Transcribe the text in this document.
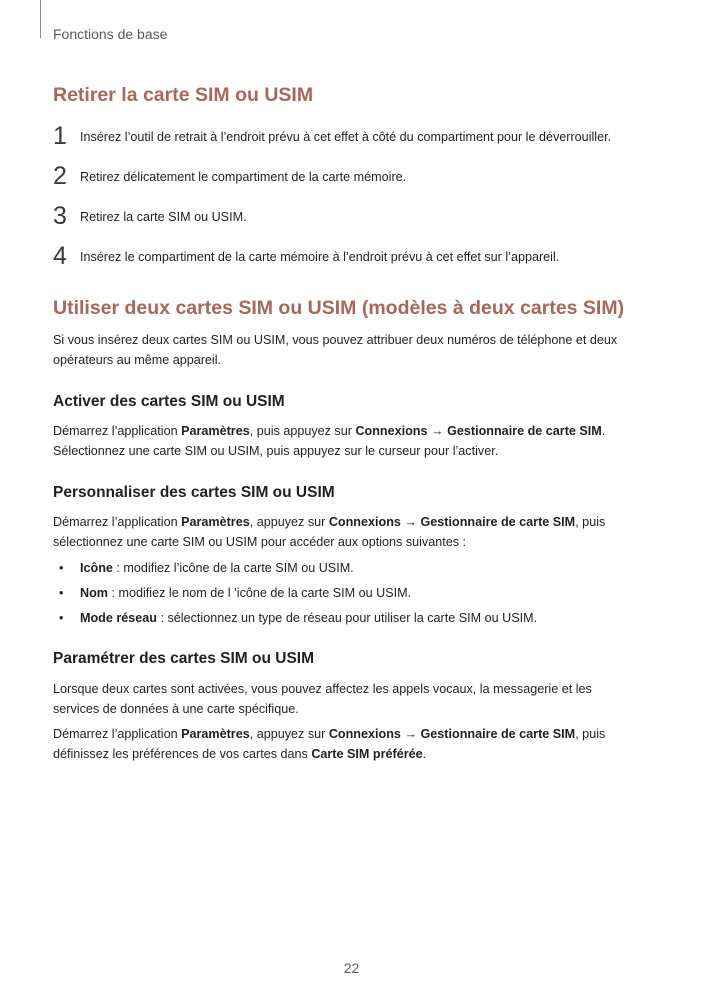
Fonctions de base
Retirer la carte SIM ou USIM
1 Insérez l’outil de retrait à l’endroit prévu à cet effet à côté du compartiment pour le déverrouiller.
2 Retirez délicatement le compartiment de la carte mémoire.
3 Retirez la carte SIM ou USIM.
4 Insérez le compartiment de la carte mémoire à l’endroit prévu à cet effet sur l’appareil.
Utiliser deux cartes SIM ou USIM (modèles à deux cartes SIM)

Si vous insérez deux cartes SIM ou USIM, vous pouvez attribuer deux numéros de téléphone et deux
opérateurs au même appareil.

Activer des cartes SIM ou USIM

Démarrez l’application Paramètres, puis appuyez sur Connexions → Gestionnaire de carte SIM.
Sélectionnez une carte SIM ou USIM, puis appuyez sur le curseur pour l’activer.

Personnaliser des cartes SIM ou USIM

Démarrez l’application Paramètres, appuyez sur Connexions → Gestionnaire de carte SIM, puis
sélectionnez une carte SIM ou USIM pour accéder aux options suivantes :

• Icône : modifiez l’icône de la carte SIM ou USIM.
• Nom : modifiez le nom de l ’icône de la carte SIM ou USIM.
• Mode réseau : sélectionnez un type de réseau pour utiliser la carte SIM ou USIM.
Paramétrer des cartes SIM ou USIM

Lorsque deux cartes sont activées, vous pouvez affectez les appels vocaux, la messagerie et les
services de données à une carte spécifique.

Démarrez l’application Paramètres, appuyez sur Connexions → Gestionnaire de carte SIM, puis
définissez les préférences de vos cartes dans Carte SIM préférée.

22
